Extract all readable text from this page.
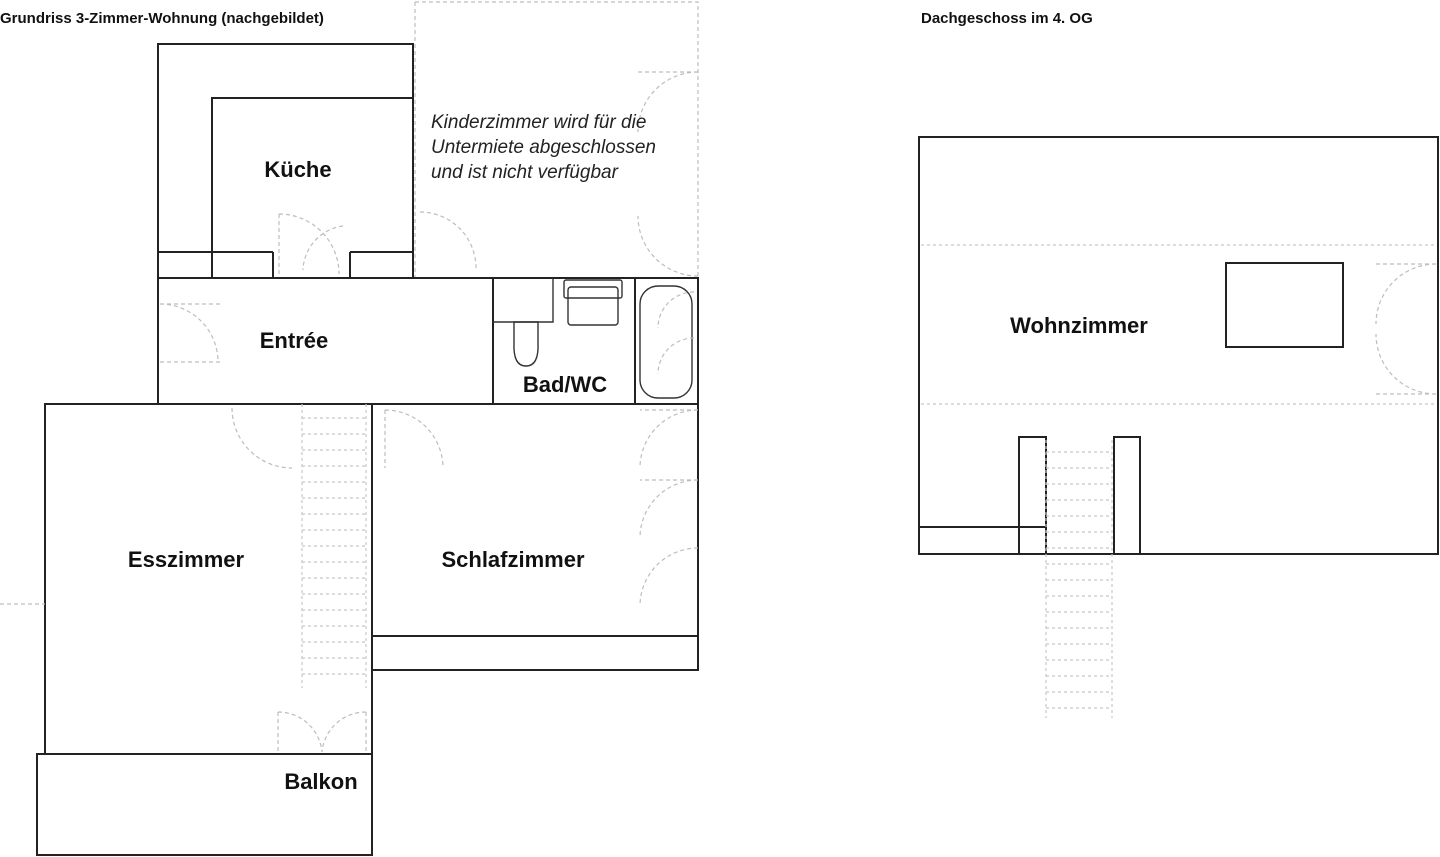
Grundriss 3-Zimmer-Wohnung (nachgebildet)	Dachgeschoss im 4. OG
Küche
Entrée
Bad/WC
Esszimmer	Schlafzimmer
Balkon
Kinderzimmer wird für die
Untermiete abgeschlossen
und ist nicht verfügbar
Wohnzimmer
